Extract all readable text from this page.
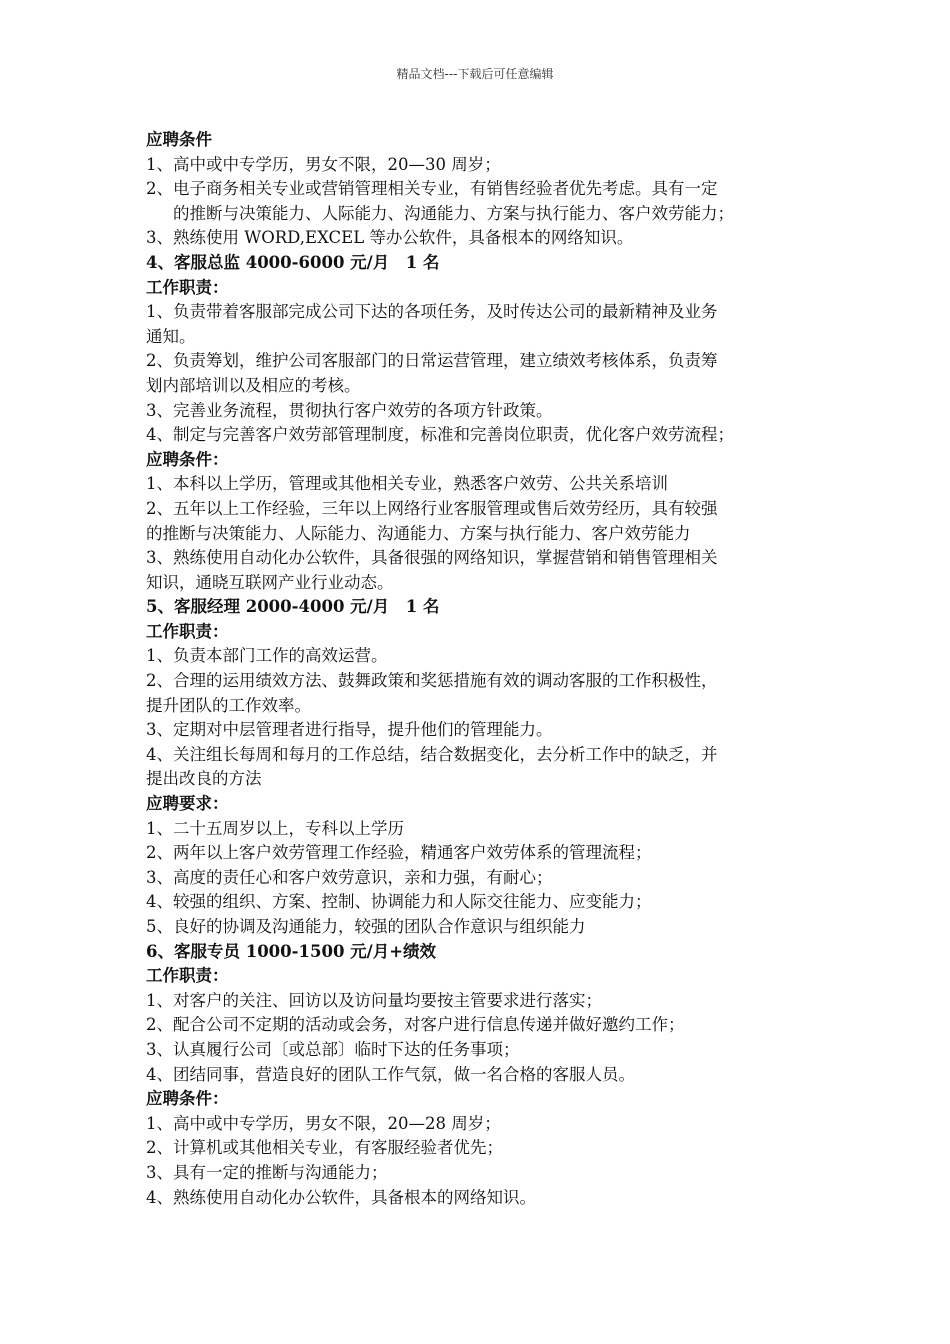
精品文档---下载后可任意编辑

应聘条件

1、高中或中专学历，男女不限，20—30 周岁；

2、电子商务相关专业或营销管理相关专业，有销售经验者优先考虑。具有一定

的推断与决策能力、人际能力、沟通能力、方案与执行能力、客户效劳能力；

3、熟练使用 WORD,EXCEL 等办公软件，具备根本的网络知识。

4、客服总监 4000-6000 元/月　1 名

工作职责：

1、负责带着客服部完成公司下达的各项任务，及时传达公司的最新精神及业务

通知。

2、负责筹划，维护公司客服部门的日常运营管理，建立绩效考核体系，负责筹

划内部培训以及相应的考核。

3、完善业务流程，贯彻执行客户效劳的各项方针政策。

4、制定与完善客户效劳部管理制度，标准和完善岗位职责，优化客户效劳流程；

应聘条件：

1、本科以上学历，管理或其他相关专业，熟悉客户效劳、公共关系培训

2、五年以上工作经验，三年以上网络行业客服管理或售后效劳经历，具有较强

的推断与决策能力、人际能力、沟通能力、方案与执行能力、客户效劳能力

3、熟练使用自动化办公软件，具备很强的网络知识，掌握营销和销售管理相关

知识，通晓互联网产业行业动态。

5、客服经理 2000-4000 元/月　1 名

工作职责：

1、负责本部门工作的高效运营。

2、合理的运用绩效方法、鼓舞政策和奖惩措施有效的调动客服的工作积极性，

提升团队的工作效率。

3、定期对中层管理者进行指导，提升他们的管理能力。

4、关注组长每周和每月的工作总结，结合数据变化，去分析工作中的缺乏，并

提出改良的方法

应聘要求：

1、二十五周岁以上，专科以上学历

2、两年以上客户效劳管理工作经验，精通客户效劳体系的管理流程；

3、高度的责任心和客户效劳意识，亲和力强，有耐心；

4、较强的组织、方案、控制、协调能力和人际交往能力、应变能力；

5、良好的协调及沟通能力，较强的团队合作意识与组织能力

6、客服专员 1000-1500 元/月+绩效

工作职责：

1、对客户的关注、回访以及访问量均要按主管要求进行落实；

2、配合公司不定期的活动或会务，对客户进行信息传递并做好邀约工作；

3、认真履行公司〔或总部〕临时下达的任务事项；

4、团结同事，营造良好的团队工作气氛，做一名合格的客服人员。

应聘条件：

1、高中或中专学历，男女不限，20—28 周岁；

2、计算机或其他相关专业，有客服经验者优先；

3、具有一定的推断与沟通能力；

4、熟练使用自动化办公软件，具备根本的网络知识。
